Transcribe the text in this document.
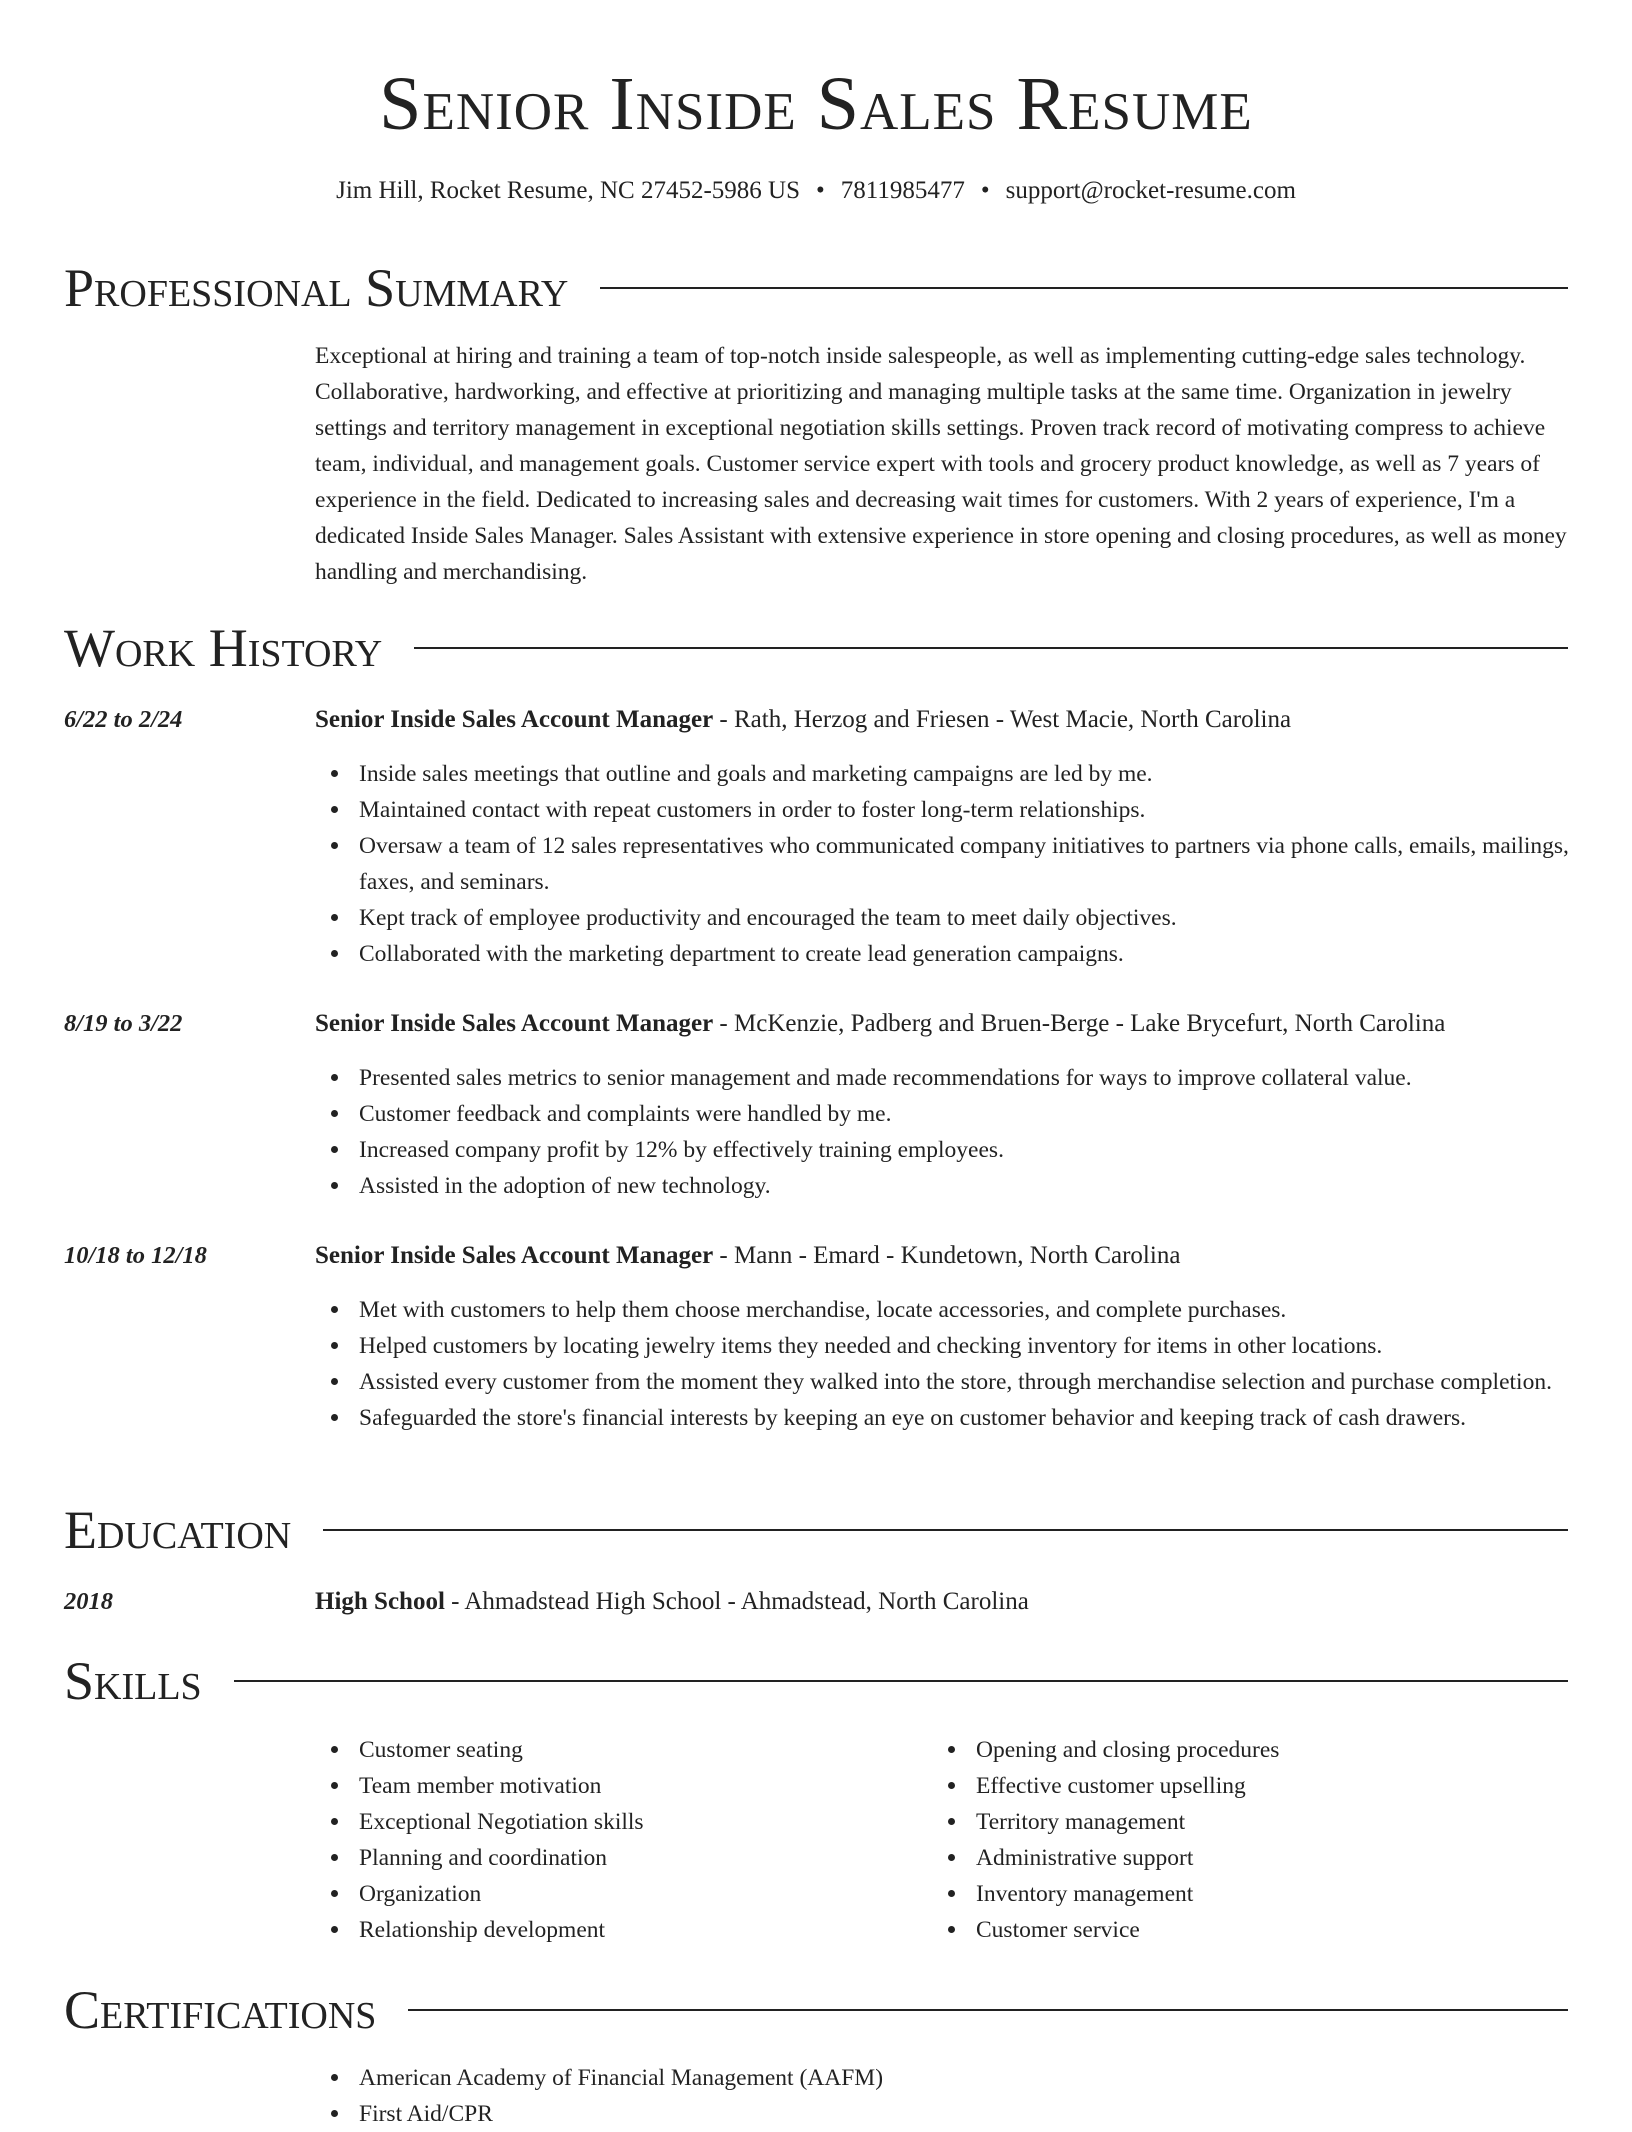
Senior Inside Sales Resume
Jim Hill, Rocket Resume, NC 27452-5986 US • 7811985477 • support@rocket-resume.com
Professional Summary

Exceptional at hiring and training a team of top-notch inside salespeople, as well as implementing cutting-edge sales technology. Collaborative, hardworking, and effective at prioritizing and managing multiple tasks at the same time. Organization in jewelry settings and territory management in exceptional negotiation skills settings. Proven track record of motivating compress to achieve team, individual, and management goals. Customer service expert with tools and grocery product knowledge, as well as 7 years of experience in the field. Dedicated to increasing sales and decreasing wait times for customers. With 2 years of experience, I'm a dedicated Inside Sales Manager. Sales Assistant with extensive experience in store opening and closing procedures, as well as money handling and merchandising.

Work History
6/22 to 2/24	Senior Inside Sales Account Manager - Rath, Herzog and Friesen - West Macie, North Carolina
Inside sales meetings that outline and goals and marketing campaigns are led by me.
Maintained contact with repeat customers in order to foster long-term relationships.
Oversaw a team of 12 sales representatives who communicated company initiatives to partners via phone calls, emails, mailings, faxes, and seminars.
Kept track of employee productivity and encouraged the team to meet daily objectives.
Collaborated with the marketing department to create lead generation campaigns.
8/19 to 3/22	Senior Inside Sales Account Manager - McKenzie, Padberg and Bruen-Berge - Lake Brycefurt, North Carolina
Presented sales metrics to senior management and made recommendations for ways to improve collateral value.
Customer feedback and complaints were handled by me.
Increased company profit by 12% by effectively training employees.
Assisted in the adoption of new technology.
10/18 to 12/18	Senior Inside Sales Account Manager - Mann - Emard - Kundetown, North Carolina
Met with customers to help them choose merchandise, locate accessories, and complete purchases.
Helped customers by locating jewelry items they needed and checking inventory for items in other locations.
Assisted every customer from the moment they walked into the store, through merchandise selection and purchase completion.
Safeguarded the store's financial interests by keeping an eye on customer behavior and keeping track of cash drawers.
Education
2018	High School - Ahmadstead High School - Ahmadstead, North Carolina
Skills
Customer seating
Team member motivation
Exceptional Negotiation skills
Planning and coordination
Organization
Relationship development
Opening and closing procedures
Effective customer upselling
Territory management
Administrative support
Inventory management
Customer service
Certifications
American Academy of Financial Management (AAFM)
First Aid/CPR
